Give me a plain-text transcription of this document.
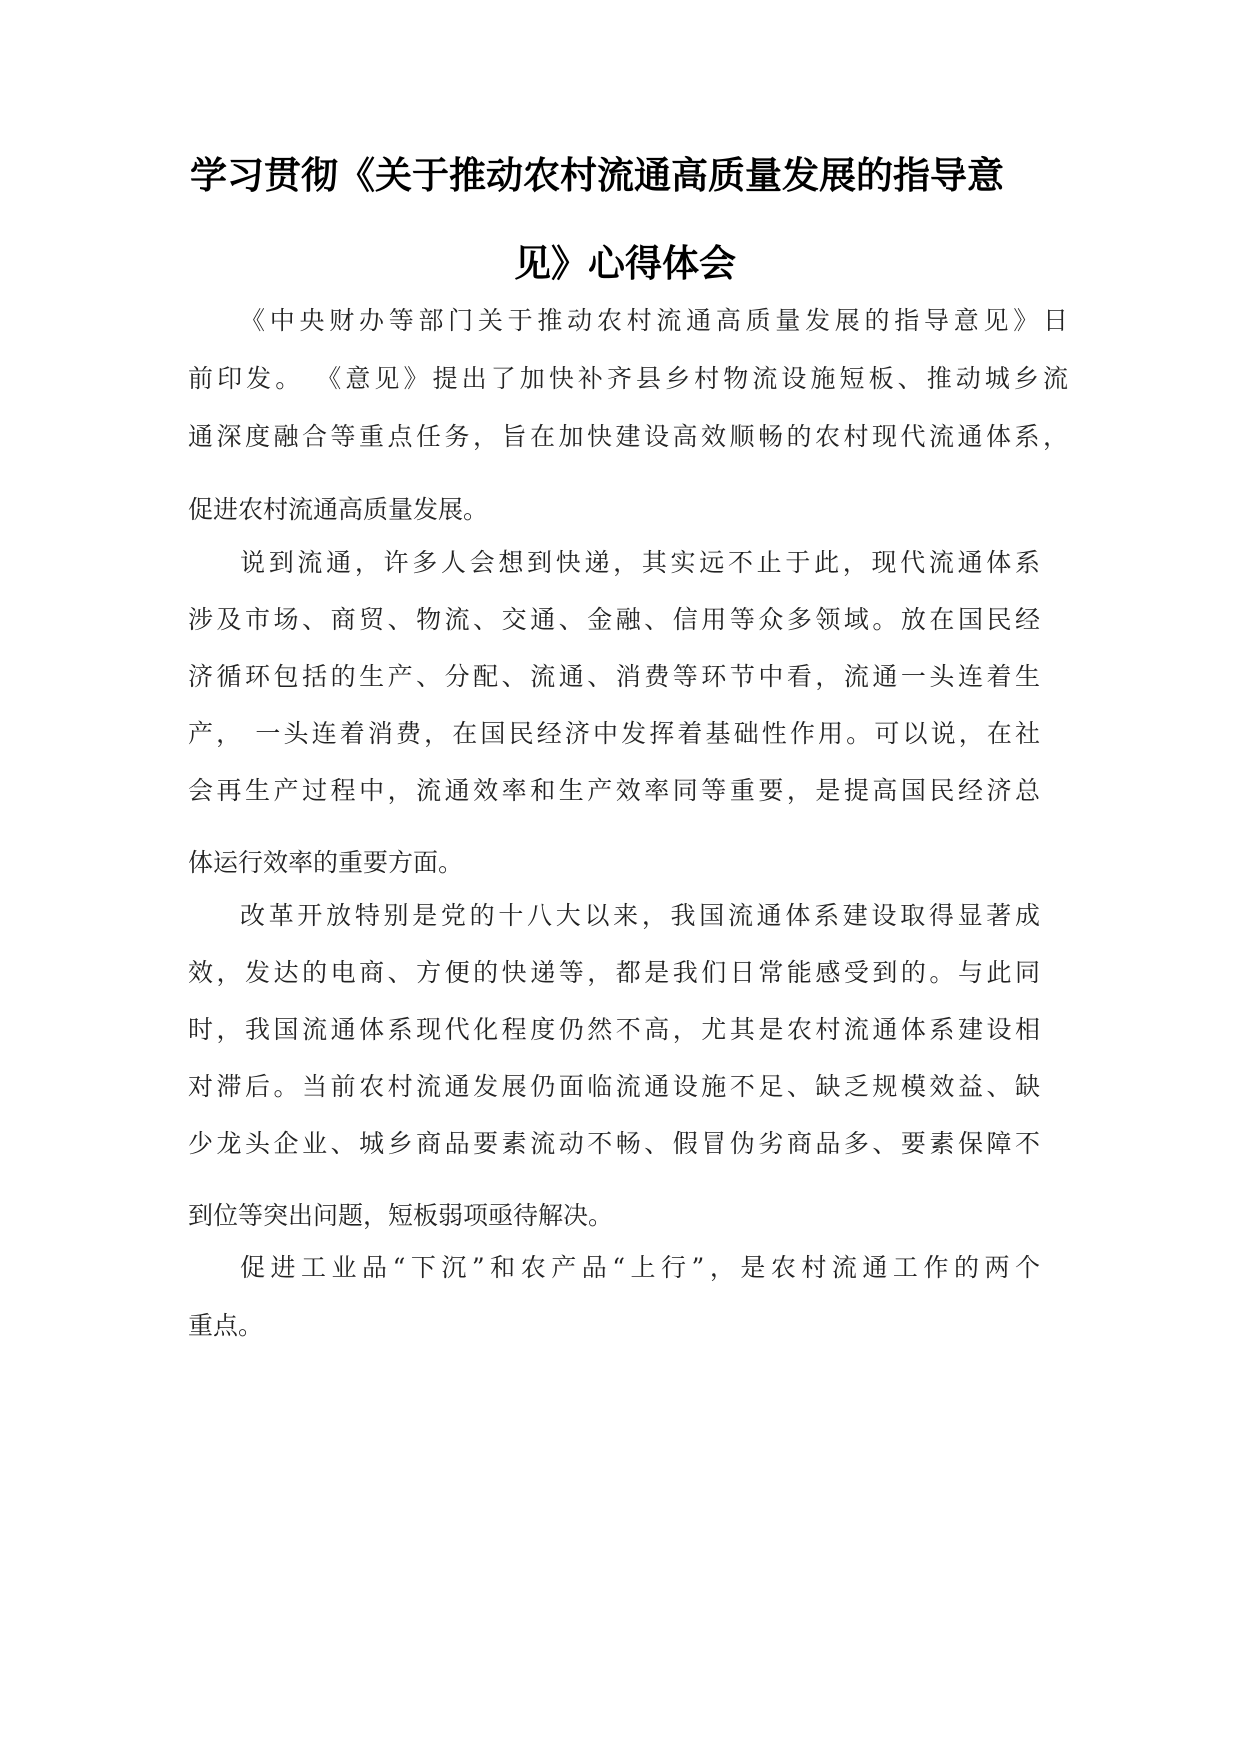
学习贯彻《关于推动农村流通高质量发展的指导意
见》心得体会

《中央财办等部门关于推动农村流通高质量发展的指导意见》日

前印发。 《意见》提出了加快补齐县乡村物流设施短板、推动城乡流

通深度融合等重点任务，旨在加快建设高效顺畅的农村现代流通体系，

促进农村流通高质量发展。

说到流通，许多人会想到快递，其实远不止于此，现代流通体系

涉及市场、商贸、物流、交通、金融、信用等众多领域。放在国民经

济循环包括的生产、分配、流通、消费等环节中看，流通一头连着生

产， 一头连着消费，在国民经济中发挥着基础性作用。可以说，在社

会再生产过程中，流通效率和生产效率同等重要，是提高国民经济总

体运行效率的重要方面。

改革开放特别是党的十八大以来，我国流通体系建设取得显著成

效，发达的电商、方便的快递等，都是我们日常能感受到的。与此同

时，我国流通体系现代化程度仍然不高，尤其是农村流通体系建设相

对滞后。当前农村流通发展仍面临流通设施不足、缺乏规模效益、缺

少龙头企业、城乡商品要素流动不畅、假冒伪劣商品多、要素保障不

到位等突出问题，短板弱项亟待解决。

促进工业品“下沉”和农产品“上行”，是农村流通工作的两个

重点。
